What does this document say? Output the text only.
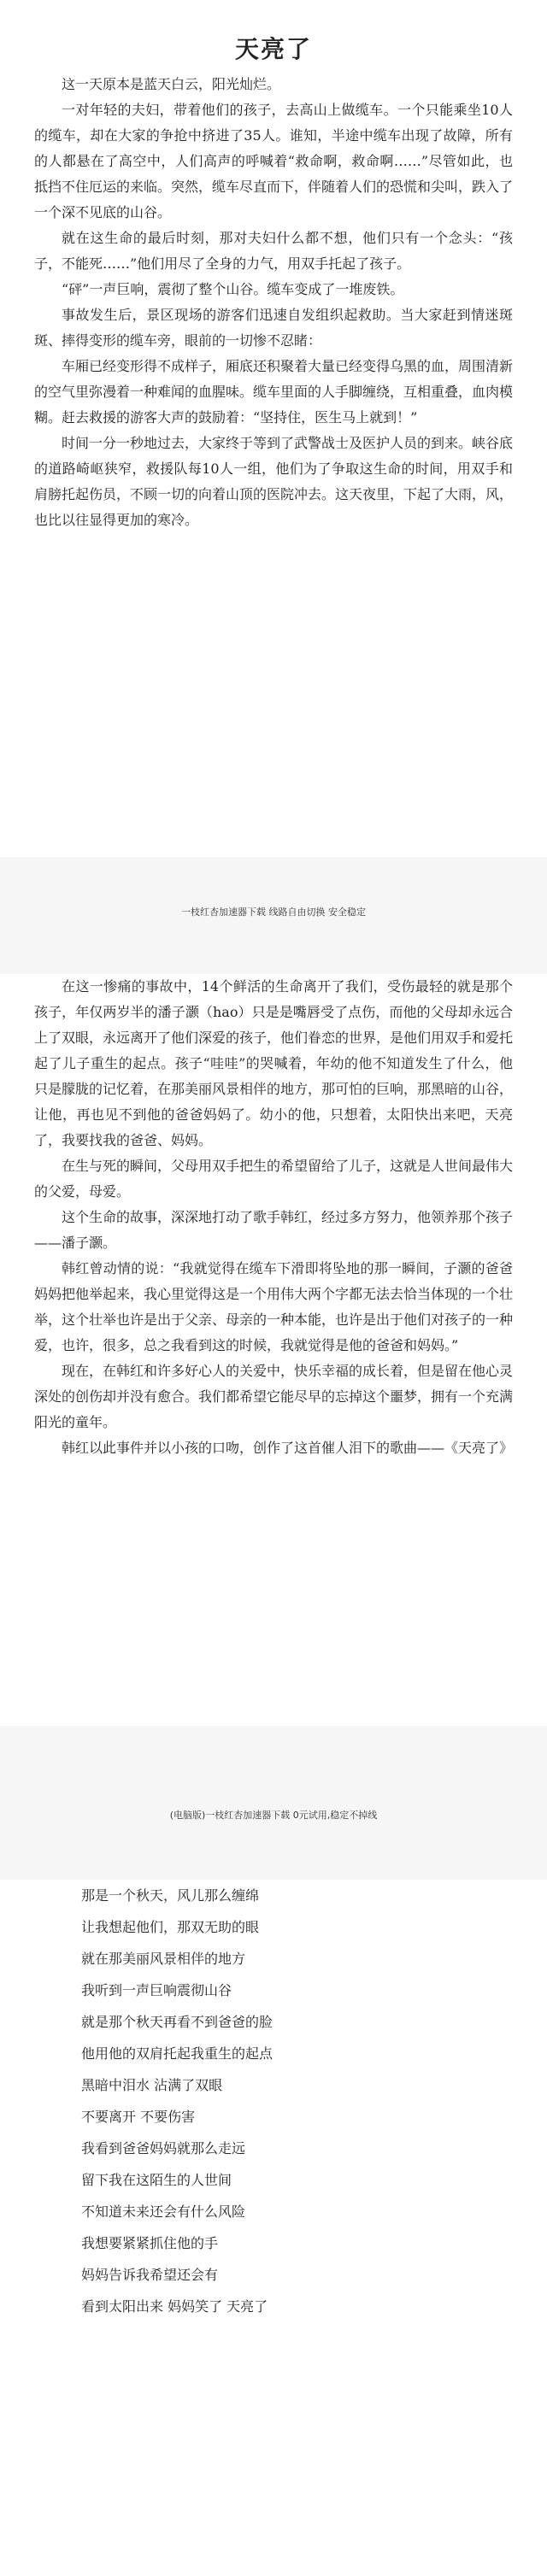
天亮了

这一天原本是蓝天白云，阳光灿烂。

一对年轻的夫妇，带着他们的孩子，去高山上做缆车。一个只能乘坐10人的缆车，却在大家的争抢中挤进了35人。谁知，半途中缆车出现了故障，所有的人都悬在了高空中，人们高声的呼喊着“救命啊，救命啊……”尽管如此，也抵挡不住厄运的来临。突然，缆车尽直而下，伴随着人们的恐慌和尖叫，跌入了一个深不见底的山谷。

就在这生命的最后时刻，那对夫妇什么都不想，他们只有一个念头：“孩子，不能死……”他们用尽了全身的力气，用双手托起了孩子。

“砰”一声巨响，震彻了整个山谷。缆车变成了一堆废铁。

事故发生后，景区现场的游客们迅速自发组织起救助。当大家赶到情迷斑斑、摔得变形的缆车旁，眼前的一切惨不忍睹：

车厢已经变形得不成样子，厢底还积聚着大量已经变得乌黑的血，周围清新的空气里弥漫着一种难闻的血腥味。缆车里面的人手脚缠绕，互相重叠，血肉模糊。赶去救援的游客大声的鼓励着：“坚持住，医生马上就到！”

时间一分一秒地过去，大家终于等到了武警战士及医护人员的到来。峡谷底的道路崎岖狭窄，救援队每10人一组，他们为了争取这生命的时间，用双手和肩膀托起伤员，不顾一切的向着山顶的医院冲去。这天夜里，下起了大雨，风，也比以往显得更加的寒冷。

一枝红杏加速器下载 线路自由切换 安全稳定

在这一惨痛的事故中，14个鲜活的生命离开了我们，受伤最轻的就是那个孩子，年仅两岁半的潘子灏（hao）只是是嘴唇受了点伤，而他的父母却永远合上了双眼，永远离开了他们深爱的孩子，他们眷恋的世界，是他们用双手和爱托起了儿子重生的起点。孩子“哇哇”的哭喊着，年幼的他不知道发生了什么，他只是朦胧的记忆着，在那美丽风景相伴的地方，那可怕的巨响，那黑暗的山谷，让他，再也见不到他的爸爸妈妈了。幼小的他，只想着，太阳快出来吧，天亮了，我要找我的爸爸、妈妈。

在生与死的瞬间，父母用双手把生的希望留给了儿子，这就是人世间最伟大的父爱，母爱。

这个生命的故事，深深地打动了歌手韩红，经过多方努力，他领养那个孩子——潘子灏。

韩红曾动情的说：“我就觉得在缆车下滑即将坠地的那一瞬间，子灏的爸爸妈妈把他举起来，我心里觉得这是一个用伟大两个字都无法去恰当体现的一个壮举，这个壮举也许是出于父亲、母亲的一种本能，也许是出于他们对孩子的一种爱，也许，很多，总之我看到这的时候，我就觉得是他的爸爸和妈妈。”

现在，在韩红和许多好心人的关爱中，快乐幸福的成长着，但是留在他心灵深处的创伤却并没有愈合。我们都希望它能尽早的忘掉这个噩梦，拥有一个充满阳光的童年。

韩红以此事件并以小孩的口吻，创作了这首催人泪下的歌曲——《天亮了》

(电脑版)一枝红杏加速器下载 0元试用,稳定不掉线

那是一个秋天，风儿那么缠绵

让我想起他们，那双无助的眼

就在那美丽风景相伴的地方

我听到一声巨响震彻山谷

就是那个秋天再看不到爸爸的脸

他用他的双肩托起我重生的起点

黑暗中泪水 沾满了双眼

不要离开 不要伤害

我看到爸爸妈妈就那么走远

留下我在这陌生的人世间

不知道未来还会有什么风险

我想要紧紧抓住他的手

妈妈告诉我希望还会有

看到太阳出来 妈妈笑了 天亮了
